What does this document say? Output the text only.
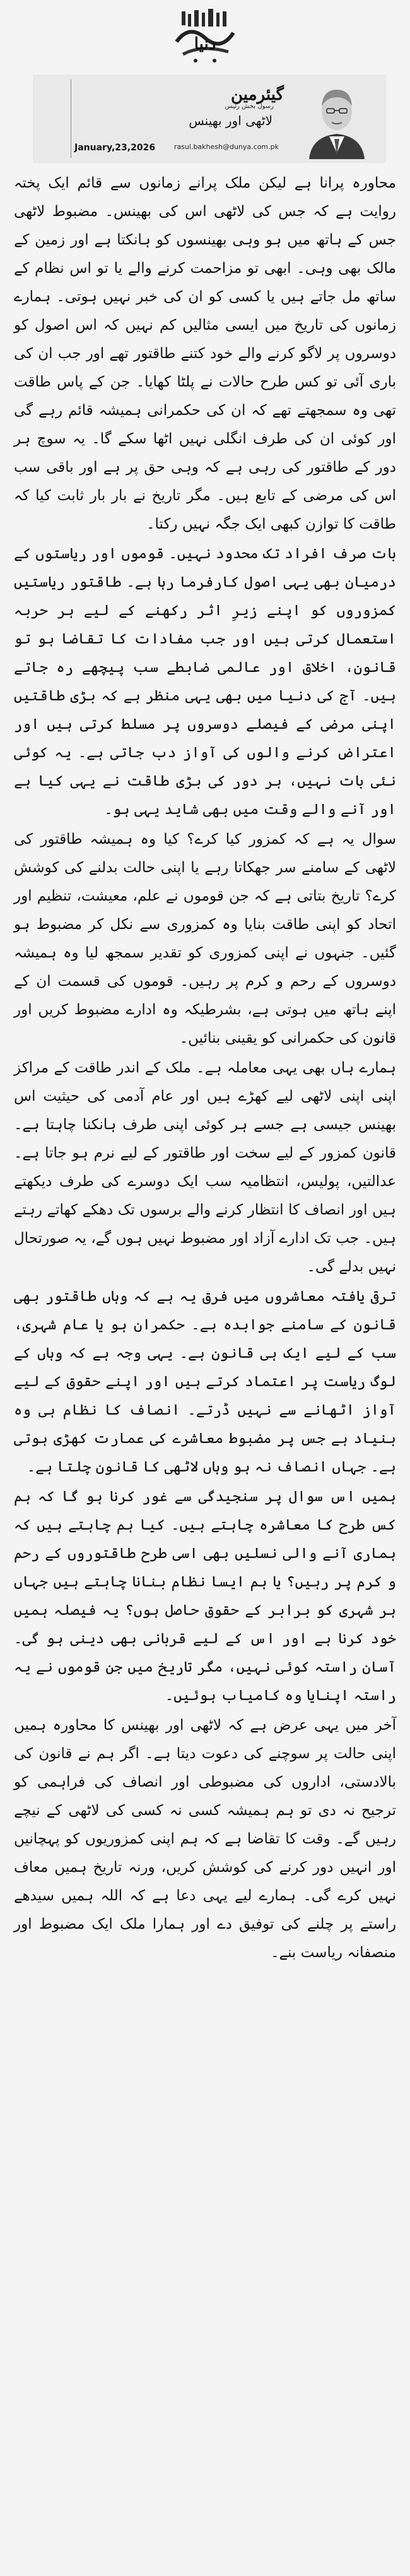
دنیا
گیئرمین
رسول بخش رئیس
لاٹھی اور بھینس
rasul.bakhesh@dunya.com.pk
January,23,2026

محاورہ پرانا ہے لیکن ملک پرانے زمانوں سے قائم ایک پختہ روایت ہے کہ جس کی لاٹھی اس کی بھینس۔ مضبوط لاٹھی جس کے ہاتھ میں ہو وہی بھینسوں کو ہانکتا ہے اور زمین کے مالک بھی وہی۔ ابھی تو مزاحمت کرنے والے یا تو اس نظام کے ساتھ مل جاتے ہیں یا کسی کو ان کی خبر نہیں ہوتی۔ ہمارے زمانوں کی تاریخ میں ایسی مثالیں کم نہیں کہ اس اصول کو دوسروں پر لاگو کرنے والے خود کتنے طاقتور تھے اور جب ان کی باری آئی تو کس طرح حالات نے پلٹا کھایا۔ جن کے پاس طاقت تھی وہ سمجھتے تھے کہ ان کی حکمرانی ہمیشہ قائم رہے گی اور کوئی ان کی طرف انگلی نہیں اٹھا سکے گا۔ یہ سوچ ہر دور کے طاقتور کی رہی ہے کہ وہی حق پر ہے اور باقی سب اس کی مرضی کے تابع ہیں۔ مگر تاریخ نے بار بار ثابت کیا کہ طاقت کا توازن کبھی ایک جگہ نہیں رکتا۔

بات صرف افراد تک محدود نہیں۔ قوموں اور ریاستوں کے درمیان بھی یہی اصول کارفرما رہا ہے۔ طاقتور ریاستیں کمزوروں کو اپنے زیرِ اثر رکھنے کے لیے ہر حربہ استعمال کرتی ہیں اور جب مفادات کا تقاضا ہو تو قانون، اخلاق اور عالمی ضابطے سب پیچھے رہ جاتے ہیں۔ آج کی دنیا میں بھی یہی منظر ہے کہ بڑی طاقتیں اپنی مرضی کے فیصلے دوسروں پر مسلط کرتی ہیں اور اعتراض کرنے والوں کی آواز دب جاتی ہے۔ یہ کوئی نئی بات نہیں، ہر دور کی بڑی طاقت نے یہی کیا ہے اور آنے والے وقت میں بھی شاید یہی ہو۔

سوال یہ ہے کہ کمزور کیا کرے؟ کیا وہ ہمیشہ طاقتور کی لاٹھی کے سامنے سر جھکاتا رہے یا اپنی حالت بدلنے کی کوشش کرے؟ تاریخ بتاتی ہے کہ جن قوموں نے علم، معیشت، تنظیم اور اتحاد کو اپنی طاقت بنایا وہ کمزوری سے نکل کر مضبوط ہو گئیں۔ جنہوں نے اپنی کمزوری کو تقدیر سمجھ لیا وہ ہمیشہ دوسروں کے رحم و کرم پر رہیں۔ قوموں کی قسمت ان کے اپنے ہاتھ میں ہوتی ہے، بشرطیکہ وہ ادارے مضبوط کریں اور قانون کی حکمرانی کو یقینی بنائیں۔

ہمارے ہاں بھی یہی معاملہ ہے۔ ملک کے اندر طاقت کے مراکز اپنی اپنی لاٹھی لیے کھڑے ہیں اور عام آدمی کی حیثیت اس بھینس جیسی ہے جسے ہر کوئی اپنی طرف ہانکنا چاہتا ہے۔ قانون کمزور کے لیے سخت اور طاقتور کے لیے نرم ہو جاتا ہے۔ عدالتیں، پولیس، انتظامیہ سب ایک دوسرے کی طرف دیکھتے ہیں اور انصاف کا انتظار کرنے والے برسوں تک دھکے کھاتے رہتے ہیں۔ جب تک ادارے آزاد اور مضبوط نہیں ہوں گے، یہ صورتحال نہیں بدلے گی۔

ترقی یافتہ معاشروں میں فرق یہ ہے کہ وہاں طاقتور بھی قانون کے سامنے جوابدہ ہے۔ حکمران ہو یا عام شہری، سب کے لیے ایک ہی قانون ہے۔ یہی وجہ ہے کہ وہاں کے لوگ ریاست پر اعتماد کرتے ہیں اور اپنے حقوق کے لیے آواز اٹھانے سے نہیں ڈرتے۔ انصاف کا نظام ہی وہ بنیاد ہے جس پر مضبوط معاشرے کی عمارت کھڑی ہوتی ہے۔ جہاں انصاف نہ ہو وہاں لاٹھی کا قانون چلتا ہے۔

ہمیں اس سوال پر سنجیدگی سے غور کرنا ہو گا کہ ہم کس طرح کا معاشرہ چاہتے ہیں۔ کیا ہم چاہتے ہیں کہ ہماری آنے والی نسلیں بھی اسی طرح طاقتوروں کے رحم و کرم پر رہیں؟ یا ہم ایسا نظام بنانا چاہتے ہیں جہاں ہر شہری کو برابر کے حقوق حاصل ہوں؟ یہ فیصلہ ہمیں خود کرنا ہے اور اس کے لیے قربانی بھی دینی ہو گی۔ آسان راستہ کوئی نہیں، مگر تاریخ میں جن قوموں نے یہ راستہ اپنایا وہ کامیاب ہوئیں۔

آخر میں یہی عرض ہے کہ لاٹھی اور بھینس کا محاورہ ہمیں اپنی حالت پر سوچنے کی دعوت دیتا ہے۔ اگر ہم نے قانون کی بالادستی، اداروں کی مضبوطی اور انصاف کی فراہمی کو ترجیح نہ دی تو ہم ہمیشہ کسی نہ کسی کی لاٹھی کے نیچے رہیں گے۔ وقت کا تقاضا ہے کہ ہم اپنی کمزوریوں کو پہچانیں اور انہیں دور کرنے کی کوشش کریں، ورنہ تاریخ ہمیں معاف نہیں کرے گی۔ ہمارے لیے یہی دعا ہے کہ اللہ ہمیں سیدھے راستے پر چلنے کی توفیق دے اور ہمارا ملک ایک مضبوط اور منصفانہ ریاست بنے۔
